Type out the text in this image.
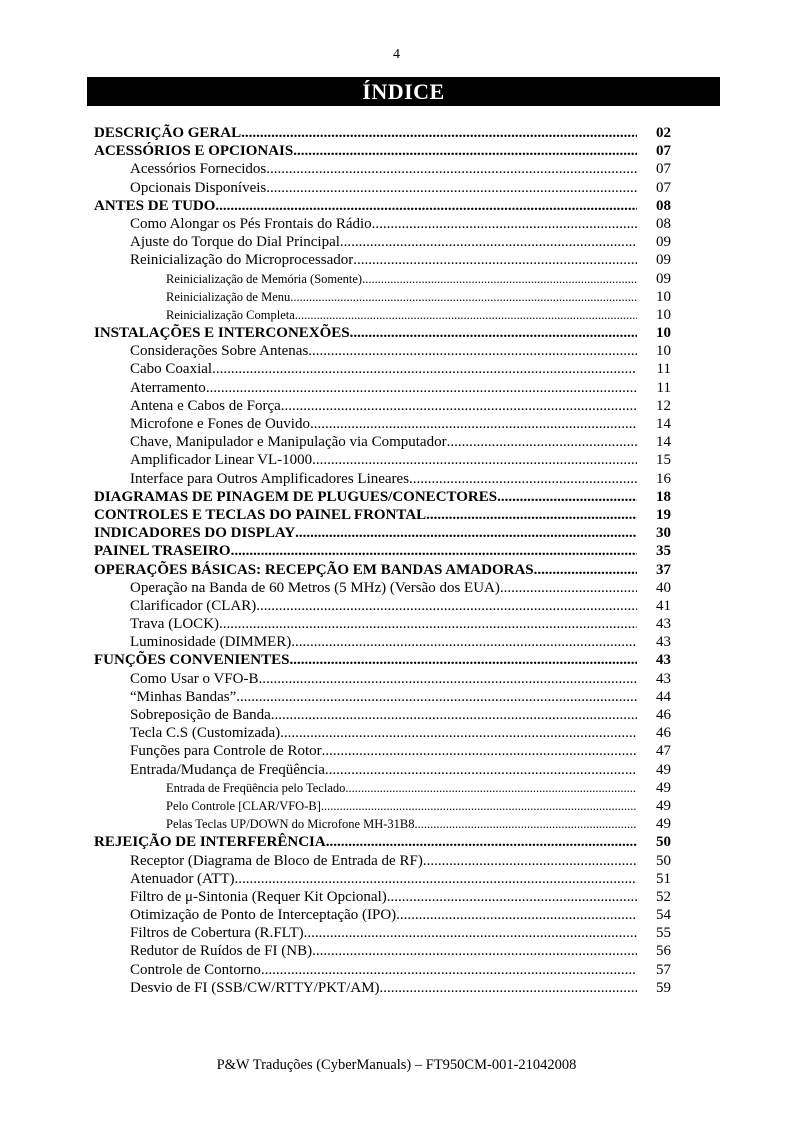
4
ÍNDICE
DESCRIÇÃO GERAL .....	02
ACESSÓRIOS E OPCIONAIS .....	07
Acessórios Fornecidos .....	07
Opcionais Disponíveis .....	07
ANTES DE TUDO .....	08
Como Alongar os Pés Frontais do Rádio .....	08
Ajuste do Torque do Dial Principal .....	09
Reinicialização do Microprocessador .....	09
Reinicialização de Memória (Somente) .....	09
Reinicialização de Menu .....	10
Reinicialização Completa .....	10
INSTALAÇÕES E INTERCONEXÕES .....	10
Considerações Sobre Antenas .....	10
Cabo Coaxial .....	11
Aterramento .....	11
Antena e Cabos de Força .....	12
Microfone e Fones de Ouvido .....	14
Chave, Manipulador e Manipulação via Computador .....	14
Amplificador Linear VL-1000 .....	15
Interface para Outros Amplificadores Lineares .....	16
DIAGRAMAS DE PINAGEM DE PLUGUES/CONECTORES .....	18
CONTROLES E TECLAS DO PAINEL FRONTAL .....	19
INDICADORES DO DISPLAY .....	30
PAINEL TRASEIRO .....	35
OPERAÇÕES BÁSICAS: RECEPÇÃO EM BANDAS AMADORAS .....	37
Operação na Banda de 60 Metros (5 MHz) (Versão dos EUA) .....	40
Clarificador (CLAR) .....	41
Trava (LOCK) .....	43
Luminosidade (DIMMER) .....	43
FUNÇÕES CONVENIENTES .....	43
Como Usar o VFO-B .....	43
“Minhas Bandas” .....	44
Sobreposição de Banda .....	46
Tecla C.S (Customizada) .....	46
Funções para Controle de Rotor .....	47
Entrada/Mudança de Freqüência .....	49
Entrada de Freqüência pelo Teclado .....	49
Pelo Controle [CLAR/VFO-B] .....	49
Pelas Teclas UP/DOWN do Microfone MH-31B8 .....	49
REJEIÇÃO DE INTERFERÊNCIA .....	50
Receptor (Diagrama de Bloco de Entrada de RF) .....	50
Atenuador (ATT) .....	51
Filtro de μ-Sintonia (Requer Kit Opcional) .....	52
Otimização de Ponto de Interceptação (IPO) .....	54
Filtros de Cobertura (R.FLT) .....	55
Redutor de Ruídos de FI (NB) .....	56
Controle de Contorno .....	57
Desvio de FI (SSB/CW/RTTY/PKT/AM) .....	59
P&W Traduções (CyberManuals) – FT950CM-001-21042008
